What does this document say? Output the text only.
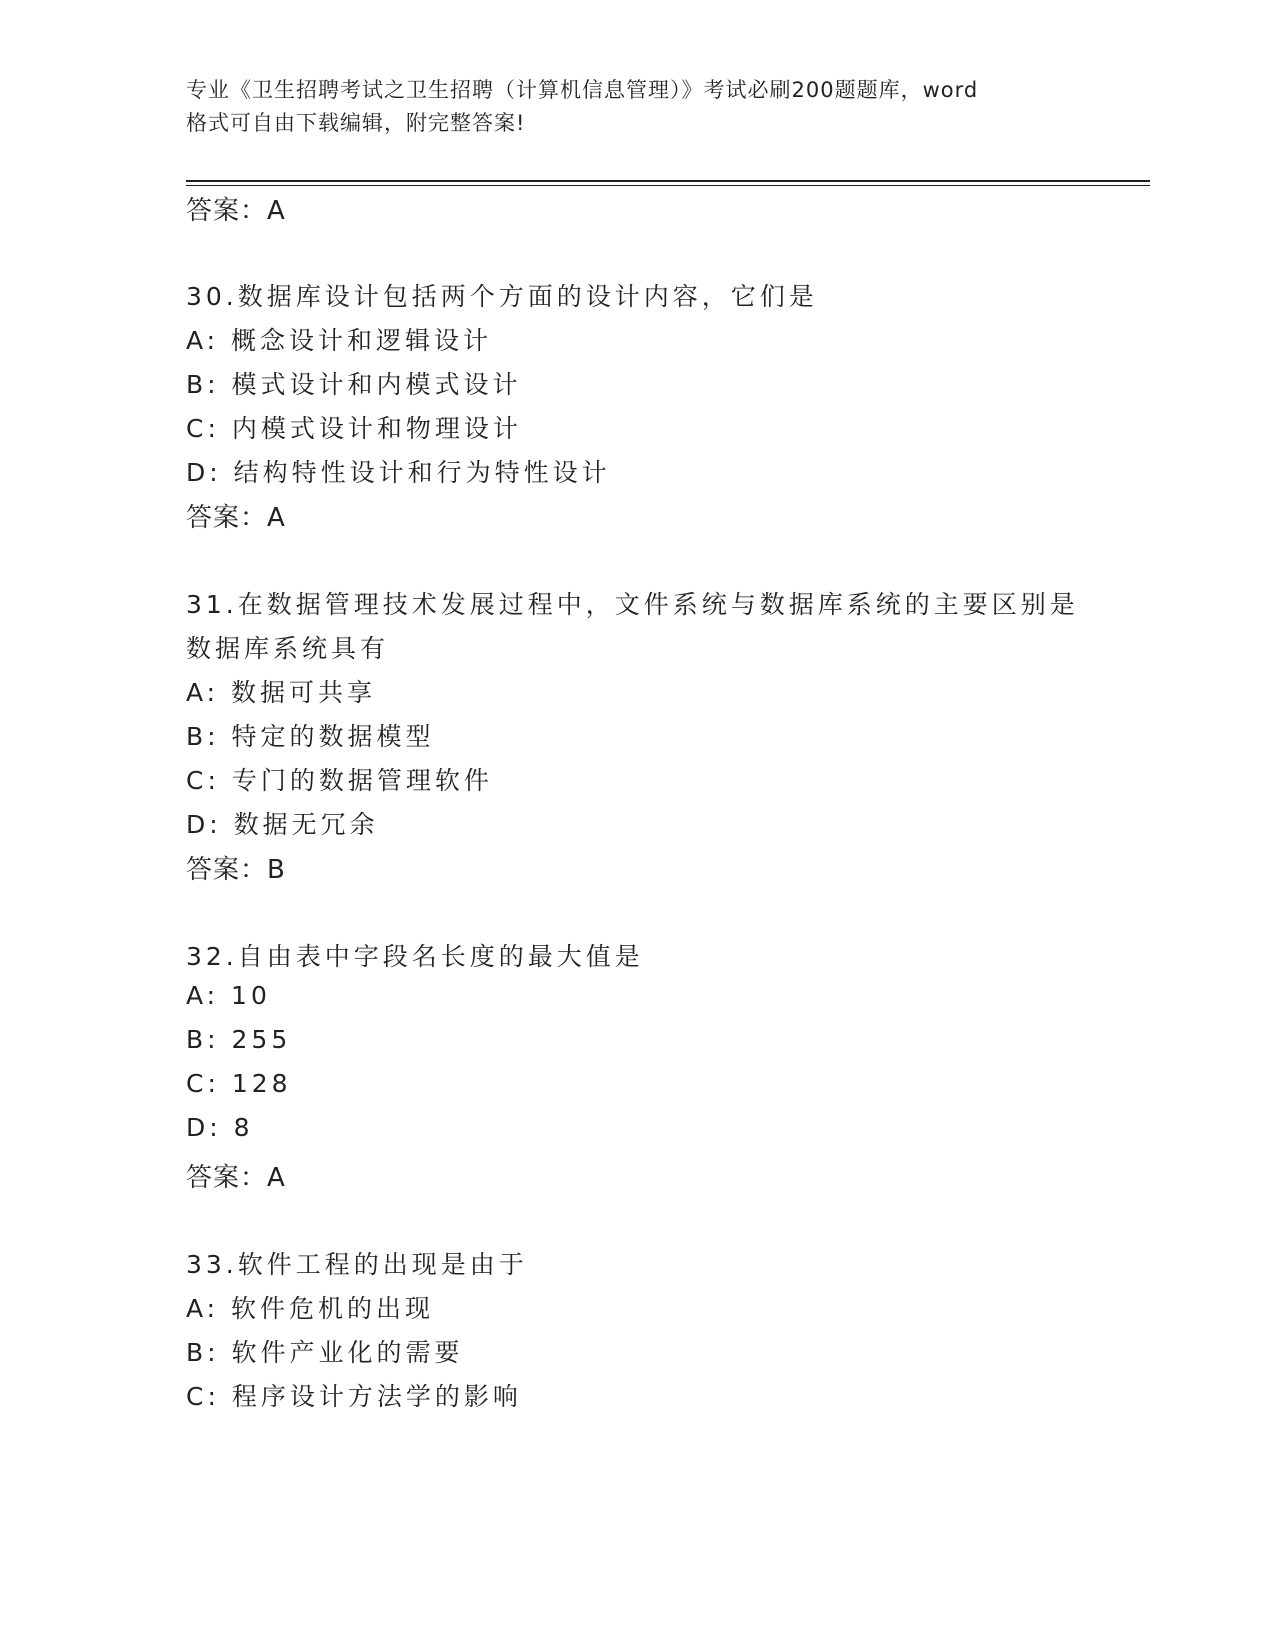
专业《卫生招聘考试之卫生招聘（计算机信息管理）》考试必刷200题题库，word
格式可自由下载编辑，附完整答案!
答案：A
30.数据库设计包括两个方面的设计内容，它们是
A: 概念设计和逻辑设计
B: 模式设计和内模式设计
C: 内模式设计和物理设计
D: 结构特性设计和行为特性设计
答案：A
31.在数据管理技术发展过程中，文件系统与数据库系统的主要区别是
数据库系统具有
A: 数据可共享
B: 特定的数据模型
C: 专门的数据管理软件
D: 数据无冗余
答案：B
32.自由表中字段名长度的最大值是
A: 10
B: 255
C: 128
D: 8
答案：A
33.软件工程的出现是由于
A: 软件危机的出现
B: 软件产业化的需要
C: 程序设计方法学的影响
